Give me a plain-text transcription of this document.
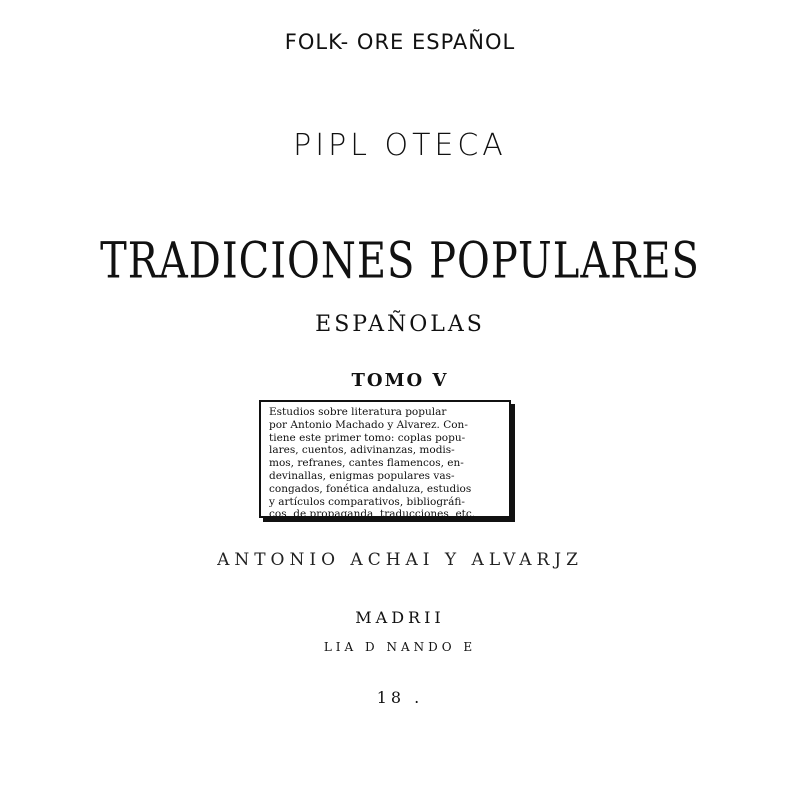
FOLK- ORE ESPAÑOL
PIPL OTECA
TRADICIONES POPULARES
ESPAÑOLAS
TOMO V

Estudios sobre literatura popular

por Antonio Machado y Alvarez. Con-

tiene este primer tomo: coplas popu-

lares, cuentos, adivinanzas, modis-

mos, refranes, cantes flamencos, en-

devinallas, enigmas populares vas-

congados, fonética andaluza, estudios

y artículos comparativos, bibliográfi-

cos, de propaganda, traducciones, etc.

ANTONIO ACHAI Y ALVARJZ
MADRII
LIA D NANDO E
18 .
